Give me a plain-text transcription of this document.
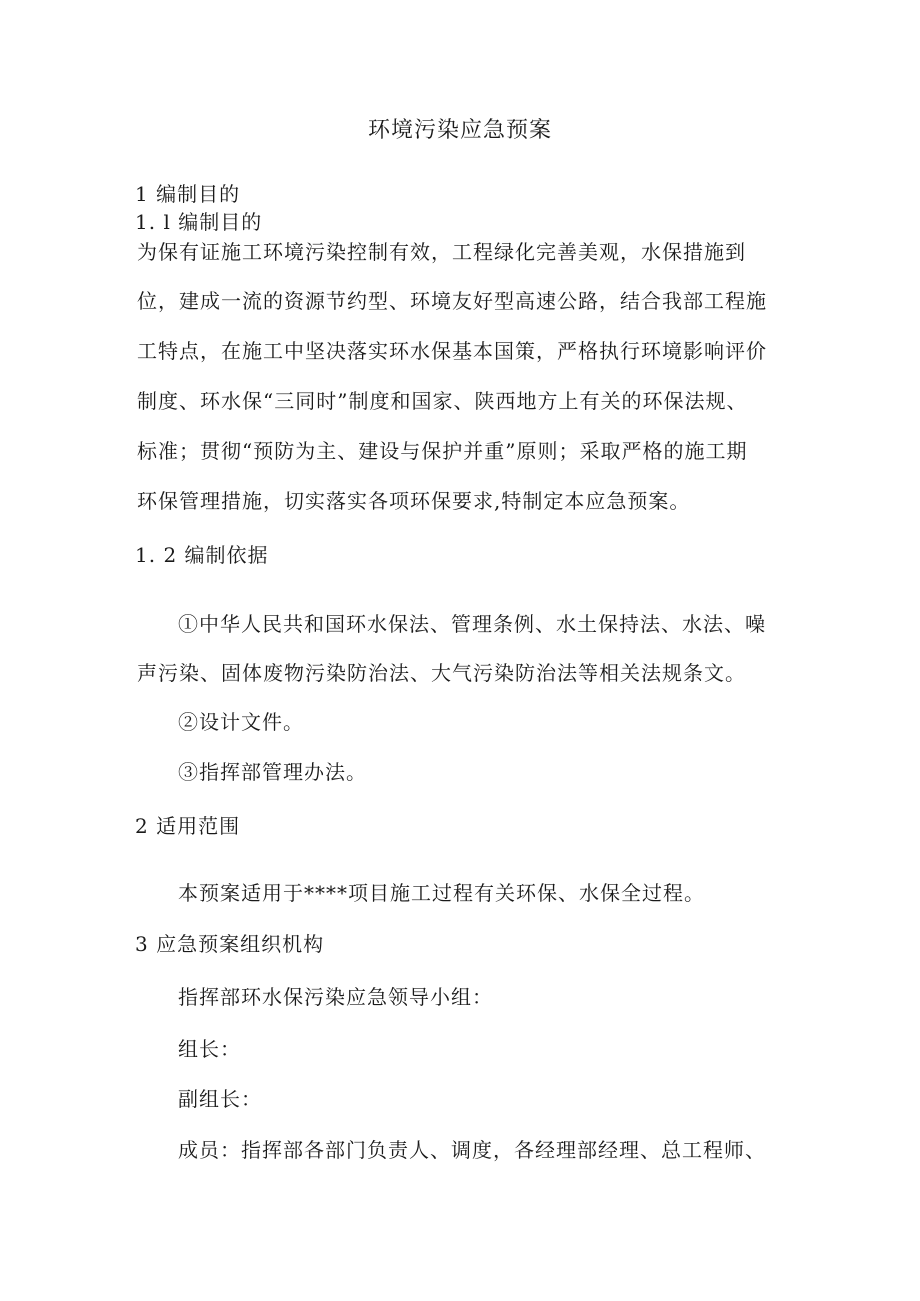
环境污染应急预案
1 编制目的
1. l 编制目的
为保有证施工环境污染控制有效，工程绿化完善美观，水保措施到
位，建成一流的资源节约型、环境友好型高速公路，结合我部工程施
工特点，在施工中坚决落实环水保基本国策，严格执行环境影响评价
制度、环水保“三同时”制度和国家、陕西地方上有关的环保法规、
标准；贯彻“预防为主、建设与保护并重”原则；采取严格的施工期
环保管理措施，切实落实各项环保要求,特制定本应急预案。
1. 2 编制依据
①中华人民共和国环水保法、管理条例、水土保持法、水法、噪
声污染、固体废物污染防治法、大气污染防治法等相关法规条文。
②设计文件。
③指挥部管理办法。
2 适用范围
本预案适用于****项目施工过程有关环保、水保全过程。
3 应急预案组织机构
指挥部环水保污染应急领导小组：
组长：
副组长：
成员：指挥部各部门负责人、调度，各经理部经理、总工程师、
